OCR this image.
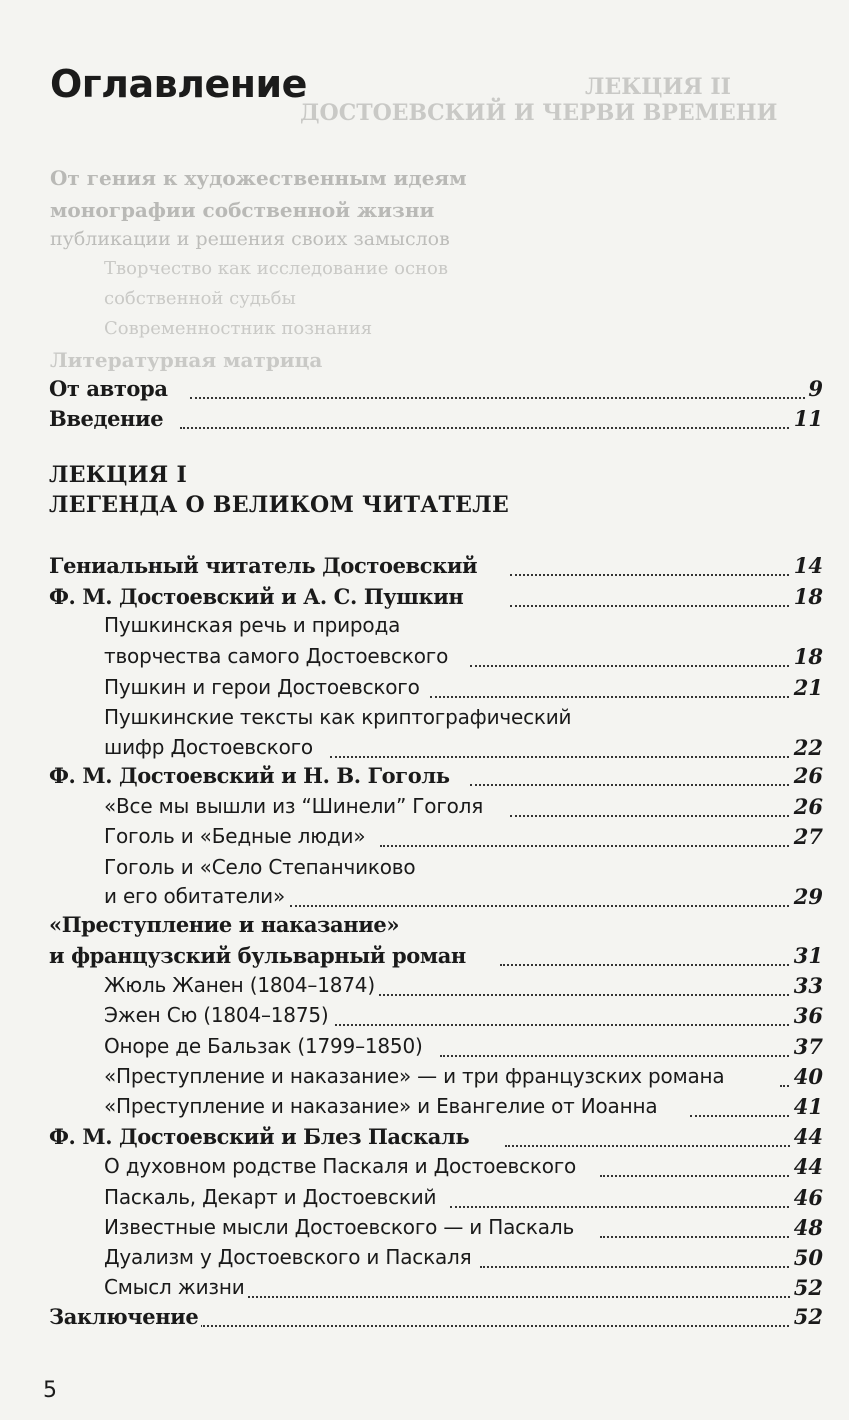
ЛЕКЦИЯ II
ДОСТОЕВСКИЙ И ЧЕРВИ ВРЕМЕНИ
От гения к художественным идеям
монографии собственной жизни
публикации и решения своих замыслов
Творчество как исследование основ
собственной судьбы
Современностник познания
Литературная матрица
Оглавление
От автора	9
Введение	11
ЛЕКЦИЯ I
ЛЕГЕНДА О ВЕЛИКОМ ЧИТАТЕЛЕ
Гениальный читатель Достоевский	14
Ф. М. Достоевский и А. С. Пушкин	18
Пушкинская речь и природа
творчества самого Достоевского	18
Пушкин и герои Достоевского	21
Пушкинские тексты как криптографический
шифр Достоевского	22
Ф. М. Достоевский и Н. В. Гоголь	26
«Все мы вышли из “Шинели” Гоголя	26
Гоголь и «Бедные люди»	27
Гоголь и «Село Степанчиково
и его обитатели»	29
«Преступление и наказание»
и французский бульварный роман	31
Жюль Жанен (1804–1874)	33
Эжен Сю (1804–1875)	36
Оноре де Бальзак (1799–1850)	37
«Преступление и наказание» — и три французских романа	40
«Преступление и наказание» и Евангелие от Иоанна	41
Ф. М. Достоевский и Блез Паскаль	44
О духовном родстве Паскаля и Достоевского	44
Паскаль, Декарт и Достоевский	46
Известные мысли Достоевского — и Паскаль	48
Дуализм у Достоевского и Паскаля	50
Смысл жизни	52
Заключение	52
5
